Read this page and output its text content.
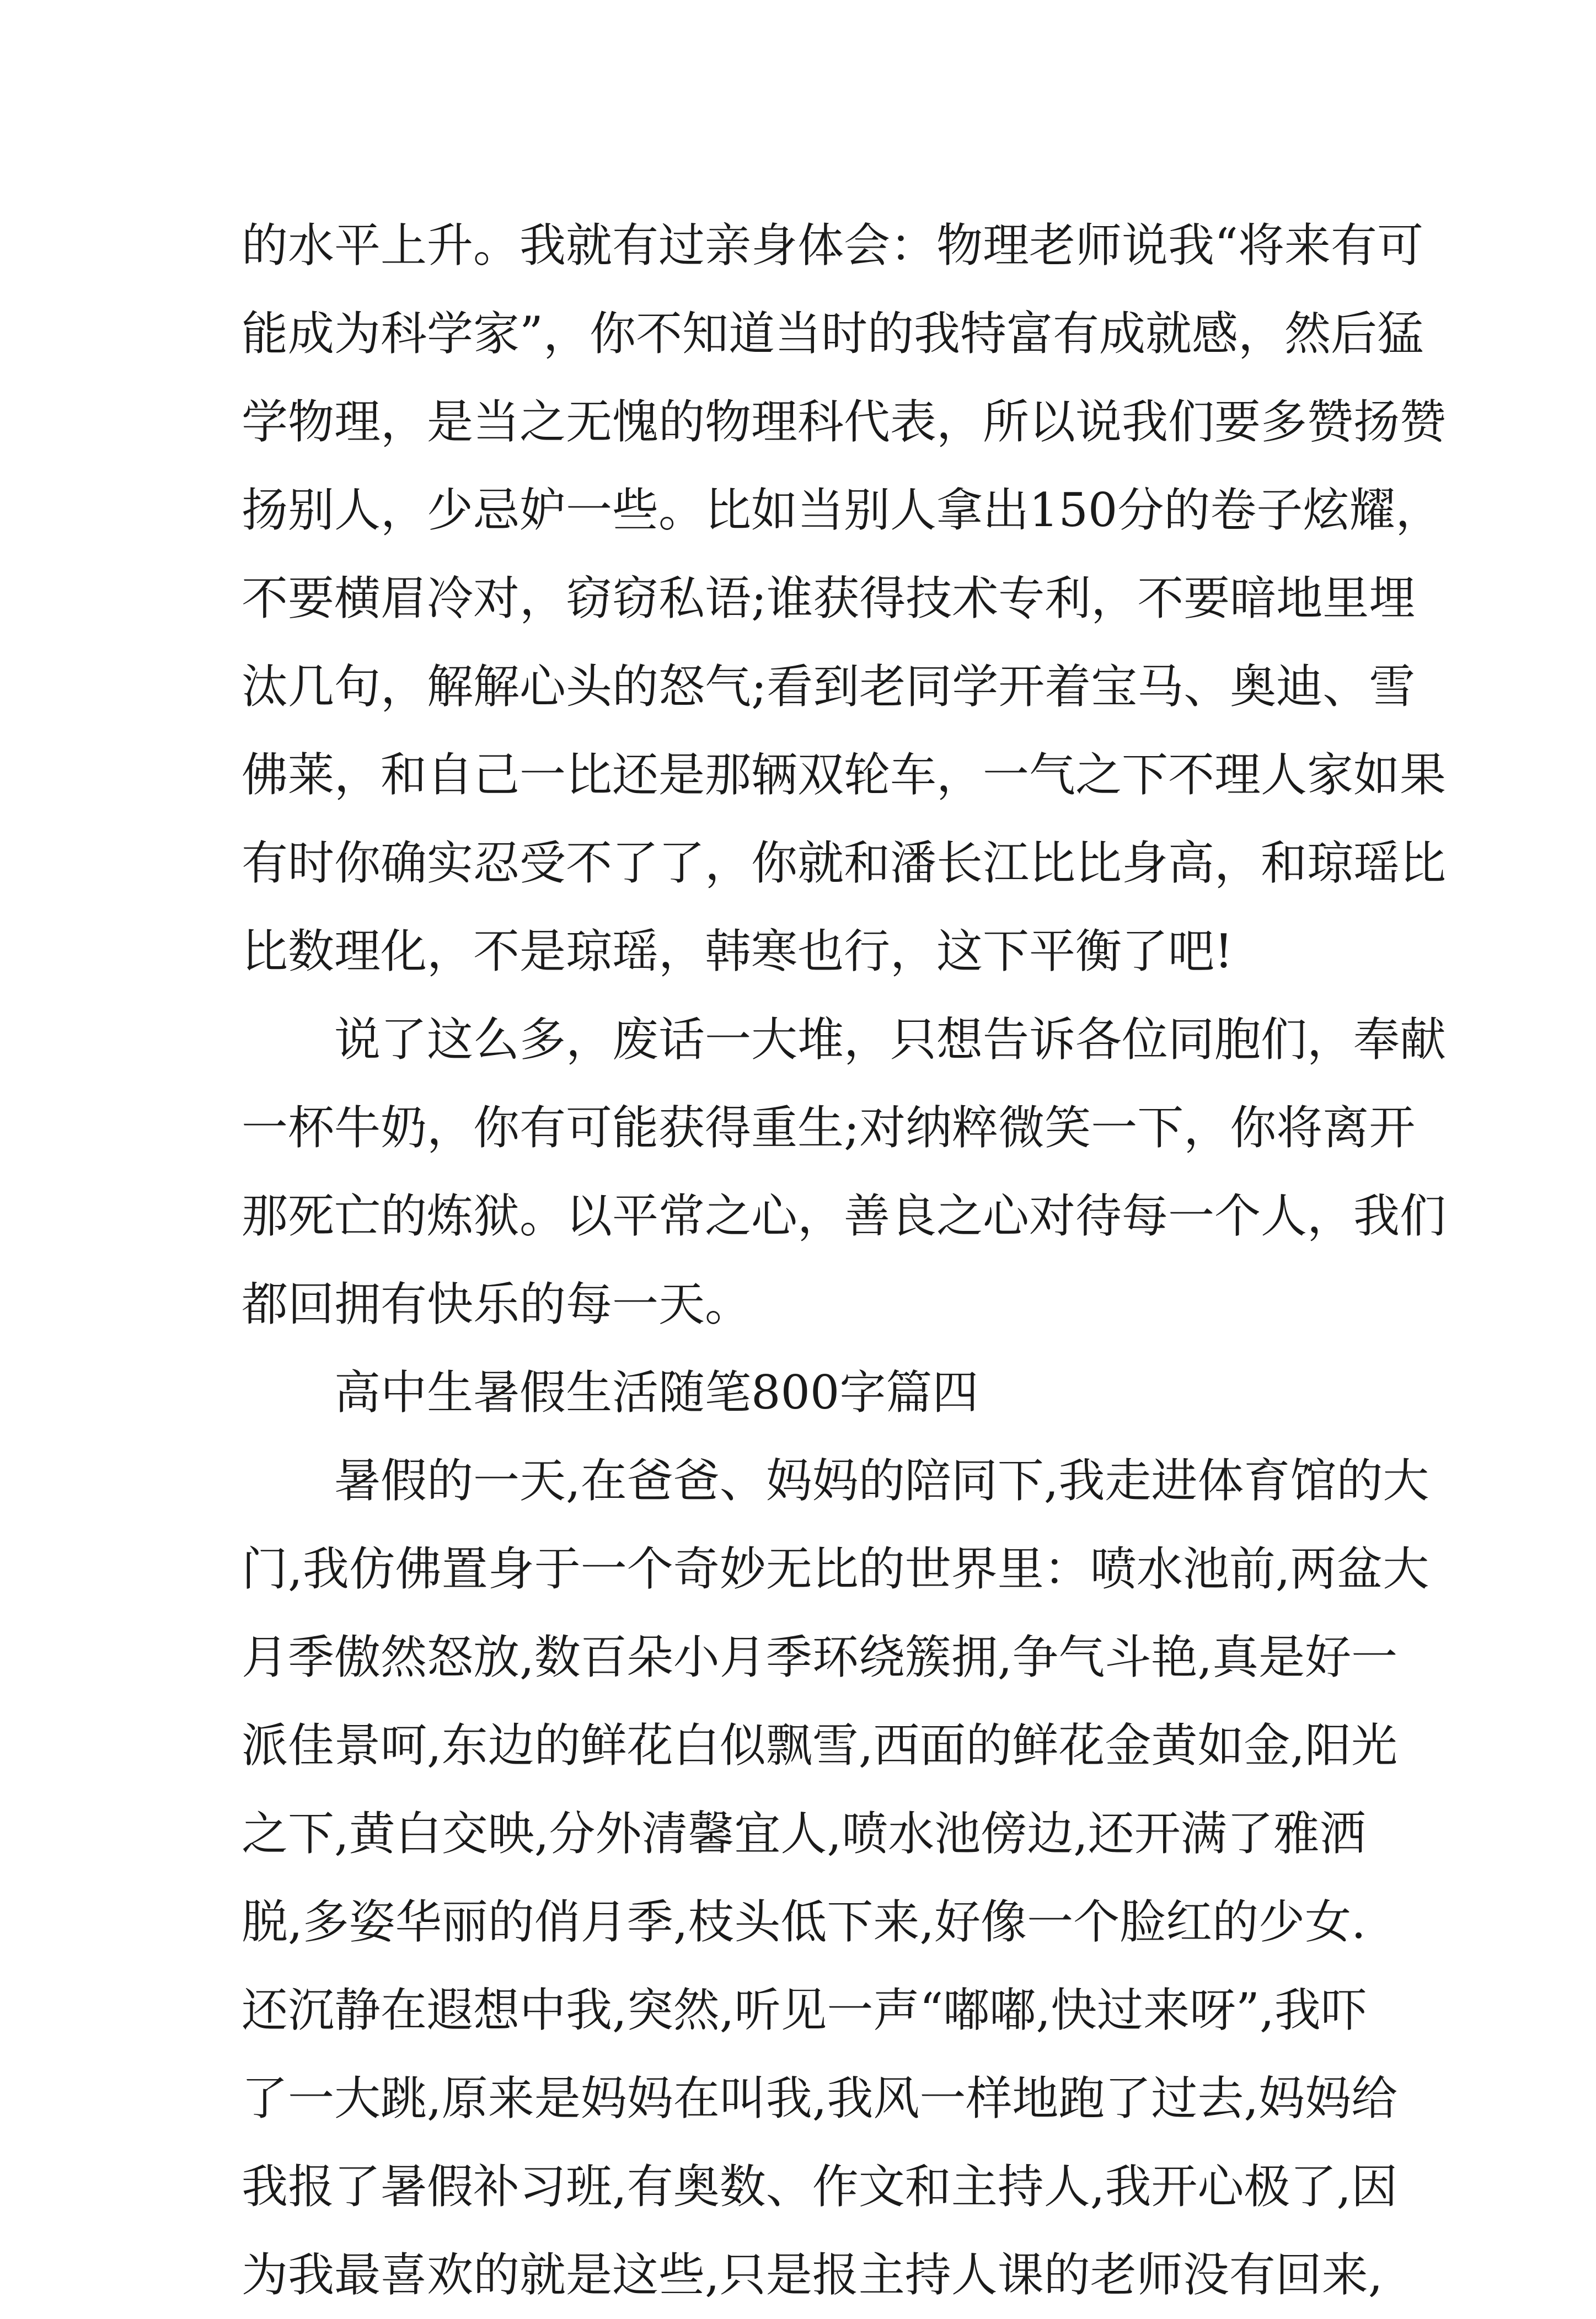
的水平上升。我就有过亲身体会：物理老师说我“将来有可
能成为科学家”，你不知道当时的我特富有成就感，然后猛
学物理，是当之无愧的物理科代表，所以说我们要多赞扬赞
扬别人，少忌妒一些。比如当别人拿出150分的卷子炫耀，
不要横眉冷对，窃窃私语;谁获得技术专利，不要暗地里埋
汰几句，解解心头的怒气;看到老同学开着宝马、奥迪、雪
佛莱，和自己一比还是那辆双轮车，一气之下不理人家如果
有时你确实忍受不了了，你就和潘长江比比身高，和琼瑶比
比数理化，不是琼瑶，韩寒也行，这下平衡了吧!
说了这么多，废话一大堆，只想告诉各位同胞们，奉献
一杯牛奶，你有可能获得重生;对纳粹微笑一下，你将离开
那死亡的炼狱。以平常之心，善良之心对待每一个人，我们
都回拥有快乐的每一天。
高中生暑假生活随笔800字篇四
暑假的一天,在爸爸、妈妈的陪同下,我走进体育馆的大
门,我仿佛置身于一个奇妙无比的世界里：喷水池前,两盆大
月季傲然怒放,数百朵小月季环绕簇拥,争气斗艳,真是好一
派佳景呵,东边的鲜花白似飘雪,西面的鲜花金黄如金,阳光
之下,黄白交映,分外清馨宜人,喷水池傍边,还开满了雅洒
脱,多姿华丽的俏月季,枝头低下来,好像一个脸红的少女.
还沉静在遐想中我,突然,听见一声“嘟嘟,快过来呀”,我吓
了一大跳,原来是妈妈在叫我,我风一样地跑了过去,妈妈给
我报了暑假补习班,有奥数、作文和主持人,我开心极了,因
为我最喜欢的就是这些,只是报主持人课的老师没有回来,
